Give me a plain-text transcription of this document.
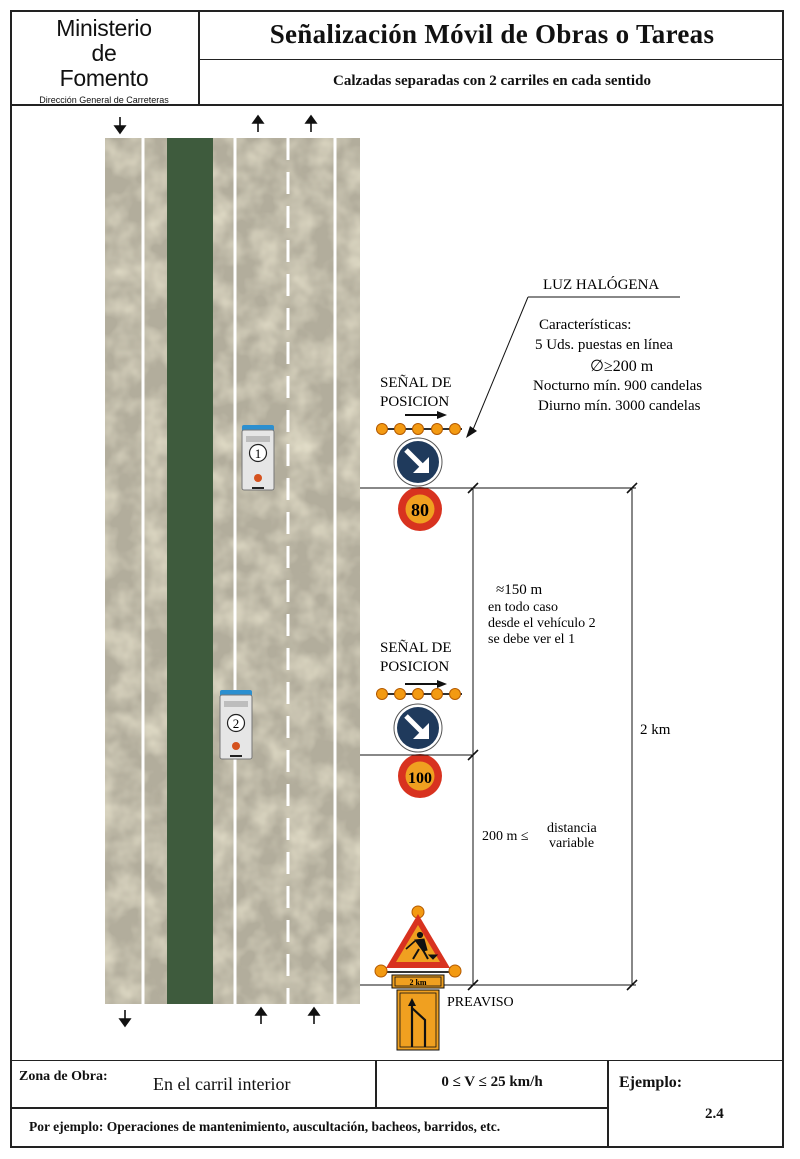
Ministerio
de
Fomento
Dirección General de Carreteras
Señalización Móvil de Obras o Tareas
Calzadas separadas con 2 carriles en cada sentido
1
2
LUZ HALÓGENA
Características:
5 Uds. puestas en línea
∅≥200 m
Nocturno mín. 900 candelas
Diurno mín. 3000 candelas
SEÑAL DE
POSICION
80
SEÑAL DE
POSICION
100
≈150 m
en todo caso
desde el vehículo 2
se debe ver el 1
2 km
200 m ≤
distancia
variable
2 km
PREAVISO
Zona de Obra:	En el carril interior	0 ≤ V ≤ 25 km/h	Ejemplo:
2.4
Por ejemplo: Operaciones de mantenimiento, auscultación, bacheos, barridos, etc.
